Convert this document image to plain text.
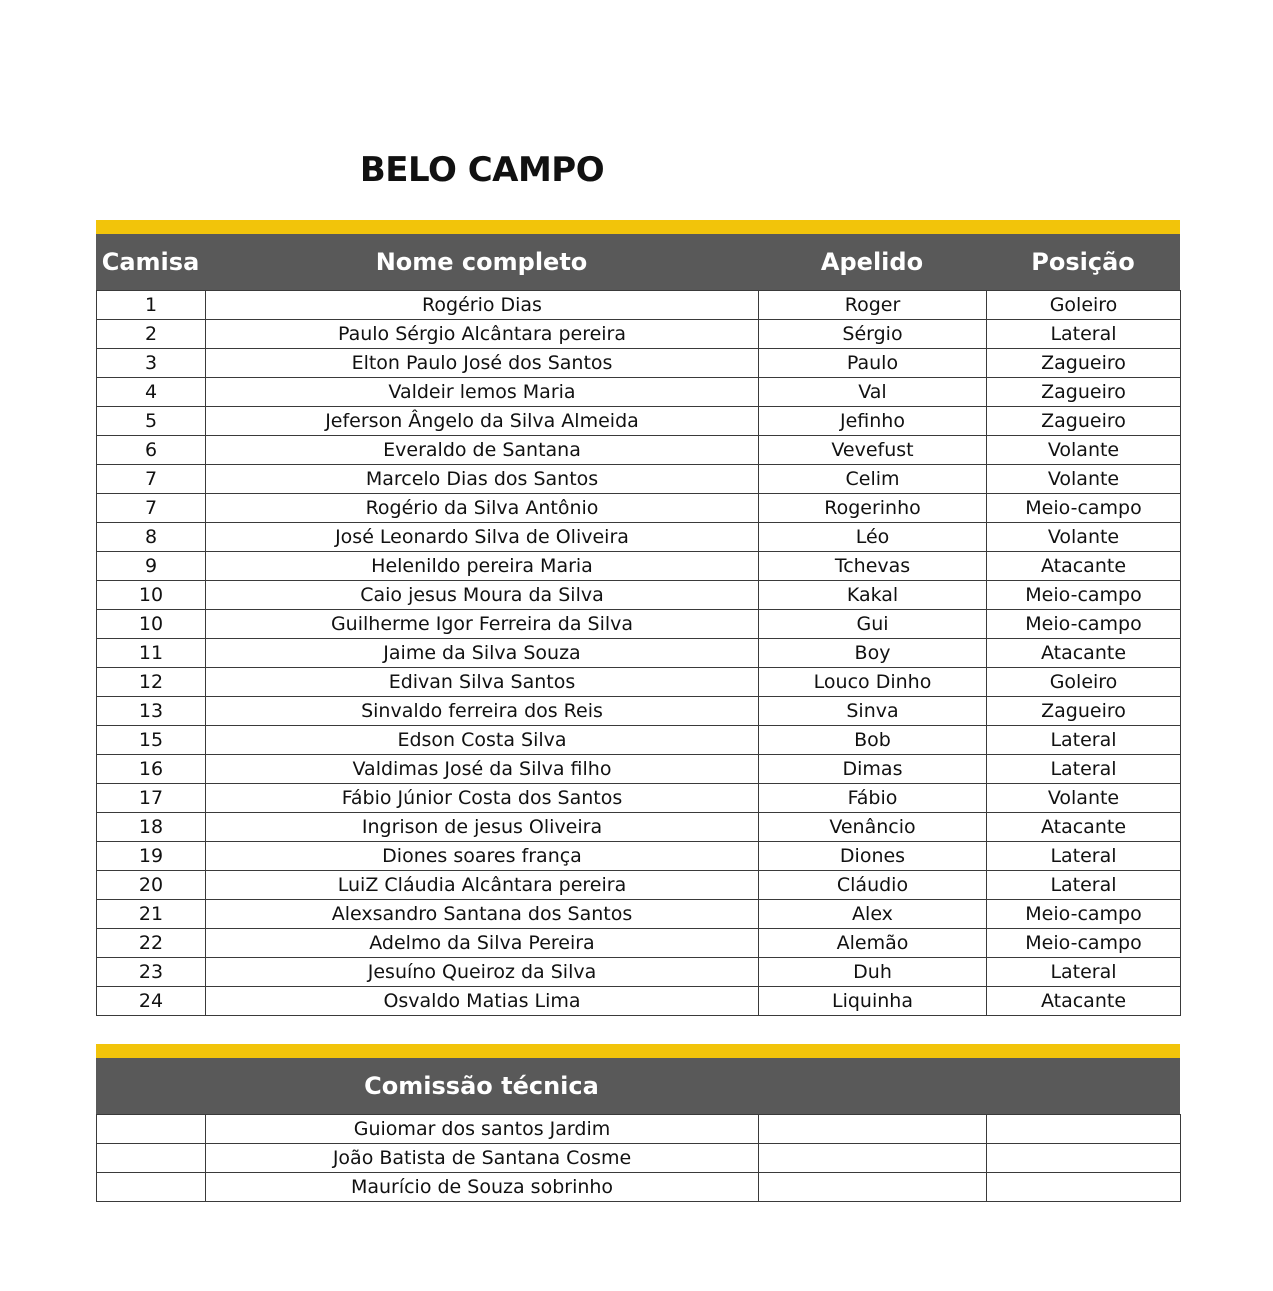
BELO CAMPO
Camisa	Nome completo	Apelido	Posição
1	Rogério Dias	Roger	Goleiro
2	Paulo Sérgio Alcântara pereira	Sérgio	Lateral
3	Elton Paulo José dos Santos	Paulo	Zagueiro
4	Valdeir lemos Maria	Val	Zagueiro
5	Jeferson Ângelo da Silva Almeida	Jefinho	Zagueiro
6	Everaldo de Santana	Vevefust	Volante
7	Marcelo Dias dos Santos	Celim	Volante
7	Rogério da Silva Antônio	Rogerinho	Meio-campo
8	José Leonardo Silva de Oliveira	Léo	Volante
9	Helenildo pereira Maria	Tchevas	Atacante
10	Caio jesus Moura da Silva	Kakal	Meio-campo
10	Guilherme Igor Ferreira da Silva	Gui	Meio-campo
11	Jaime da Silva Souza	Boy	Atacante
12	Edivan Silva Santos	Louco Dinho	Goleiro
13	Sinvaldo ferreira dos Reis	Sinva	Zagueiro
15	Edson Costa Silva	Bob	Lateral
16	Valdimas José da Silva filho	Dimas	Lateral
17	Fábio Júnior Costa dos Santos	Fábio	Volante
18	Ingrison de jesus Oliveira	Venâncio	Atacante
19	Diones soares frança	Diones	Lateral
20	LuiZ Cláudia Alcântara pereira	Cláudio	Lateral
21	Alexsandro Santana dos Santos	Alex	Meio-campo
22	Adelmo da Silva Pereira	Alemão	Meio-campo
23	Jesuíno Queiroz da Silva	Duh	Lateral
24	Osvaldo Matias Lima	Liquinha	Atacante
Comissão técnica
	Guiomar dos santos Jardim		
	João Batista de Santana Cosme		
	Maurício de Souza sobrinho		
